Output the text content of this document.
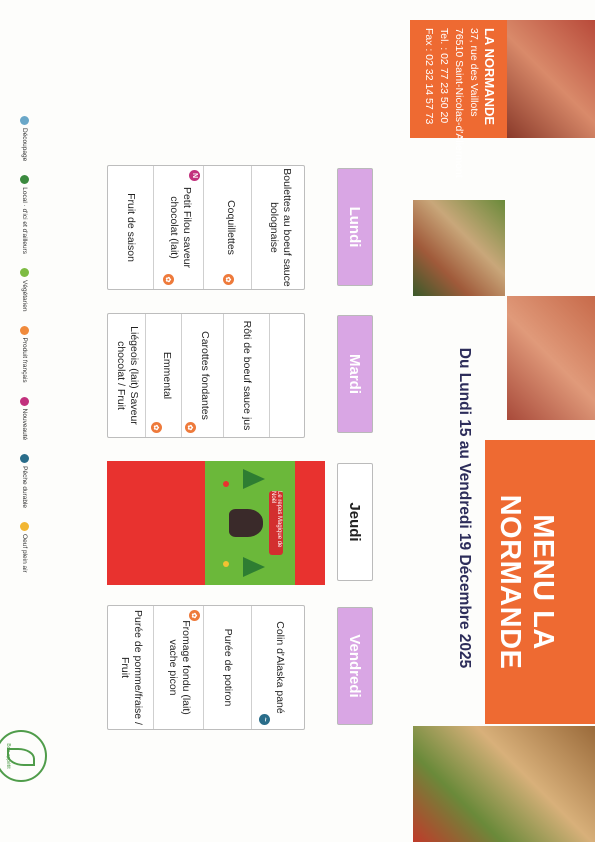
LA NORMANDE
37, rue des Vaillots
76510 Saint-Nicolas-d'Aliermont
Tel. : 02 77 23 50 20
Fax : 02 32 14 57 73
MENU LA NORMANDE
Du Lundi 15 au Vendredi 19 Décembre 2025
Lundi
Mardi
Jeudi
Vendredi
Boulettes au boeuf sauce bolognaise
Coquillettes
✿
Petit Filou saveur chocolat (lait)
N
✿
Fruit de saison
Rôti de boeuf sauce jus
Carottes fondantes
✿
Emmental
✿
Liégeois (lait) Saveur chocolat / Fruit
Le repas Magique de Noël
Colin d'Alaska pané
~
Purée de potiron
Fromage fondu (lait) vache picon
✿
Purée de pomme/fraise / Fruit
Découpage
Local · d'ici et d'ailleurs
Végétarien
Produit français
Nouveauté
Pêche durable
Oeuf plein air
Bon appétit
